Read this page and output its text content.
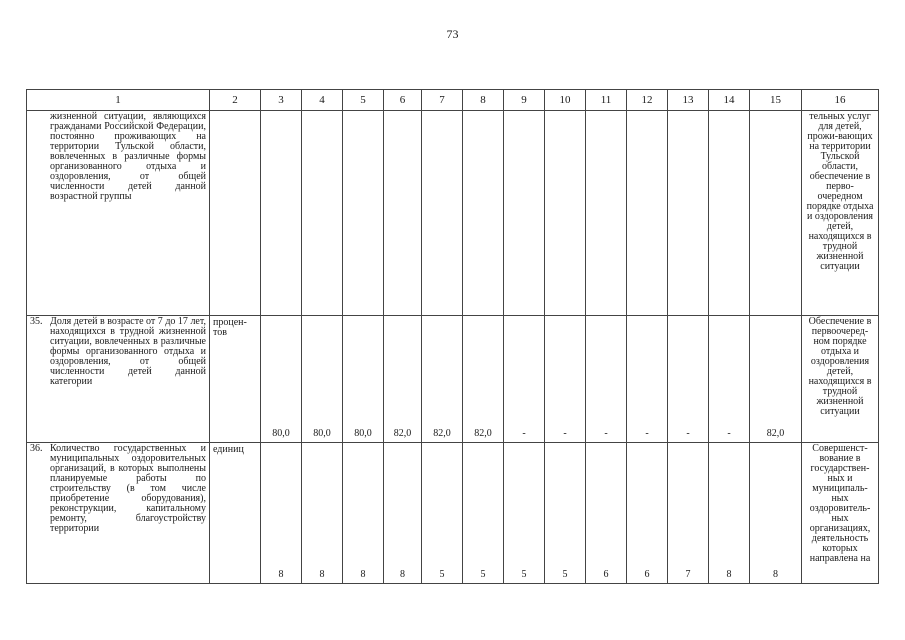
73
1	2	3	4	5	6	7	8	9	10	11	12	13	14	15	16

жизненной ситуации, являющихся гражданами Российской Федерации, постоянно проживающих на территории Тульской области, вовлеченных в различные формы организованного отдыха и оздоровления, от общей численности детей данной возрастной группы															тельных услуг для детей, прожи-вающих на территории Тульской области, обеспечение в перво-очередном порядке отдыха и оздоровления детей, находящихся в трудной жизненной ситуации

35. Доля детей в возрасте от 7 до 17 лет, находящихся в трудной жизненной ситуации, вовлеченных в различные формы организованного отдыха и оздоровления, от общей численности детей данной категории	процен-тов	80,0	80,0	80,0	82,0	82,0	82,0	-	-	-	-	-	-	82,0	Обеспечение в первоочеред-ном порядке отдыха и оздоровления детей, находящихся в трудной жизненной ситуации

36. Количество государственных и муниципальных оздоровительных организаций, в которых выполнены планируемые работы по строительству (в том числе приобретение оборудования), реконструкции, капитальному ремонту, благоустройству территории	единиц	8	8	8	8	5	5	5	5	6	6	7	8	8	Совершенст-вование в государствен-ных и муниципаль-ных оздоровитель-ных организациях, деятельность которых направлена на
